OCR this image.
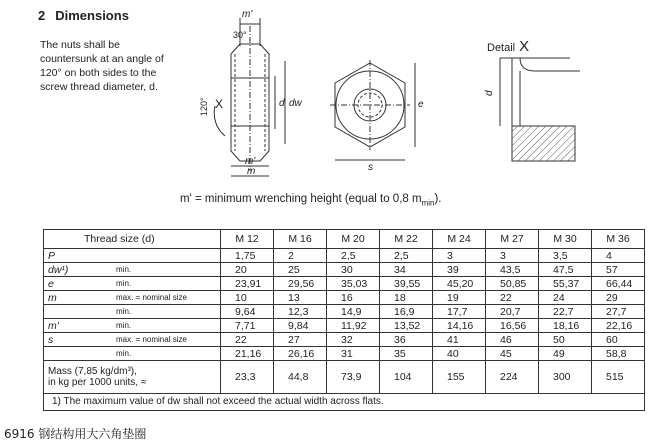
2 Dimensions
The nuts shall be countersunk at an angle of 120° on both sides to the screw thread diameter, d.
m'
30°
120° X	d dw
m'
m
e
s
Detail X
d
m' = minimum wrenching height (equal to 0,8 $m_{min}$).
Thread size (d)		M 12	M 16	M 20	M 22	M 24	M 27	M 30	M 36
P		1,75	2	2,5	2,5	3	3	3,5	4
dw¹)	min.	20	25	30	34	39	43,5	47,5	57
e	min.	23,91	29,56	35,03	39,55	45,20	50,85	55,37	66,44
m	max. = nominal size	10	13	16	18	19	22	24	29
	min.	9,64	12,3	14,9	16,9	17,7	20,7	22,7	27,7
m'	min.	7,71	9,84	11,92	13,52	14,16	16,56	18,16	22,16
s	max. = nominal size	22	27	32	36	41	46	50	60
	min.	21,16	26,16	31	35	40	45	49	58,8
Mass (7,85 kg/dm³),
in kg per 1000 units, ≈		23,3	44,8	73,9	104	155	224	300	515
1) The maximum value of dw shall not exceed the actual width across flats.									
6916 钢结构用大六角垫圈
